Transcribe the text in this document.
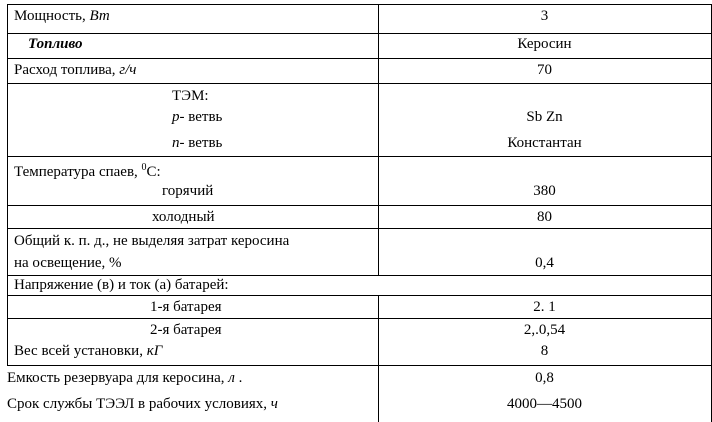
Мощность, Вт	3
Топливо	Керосин
Расход топлива, г/ч	70
ТЭМ:
p- ветвь	Sb Zn
n- ветвь	Константан
Температура спаев, $^0$С:
горячий	380
холодный	80
Общий к. п. д., не выделяя затрат керосина
на освещение, %	0,4
Напряжение (в) и ток (а) батарей:
1-я батарея	2. 1
2-я батарея	2,.0,54
Вес всей установки, кГ	8
Емкость резервуара для керосина, л .	0,8
Срок службы ТЭЭЛ в рабочих условиях, ч	4000—4500
